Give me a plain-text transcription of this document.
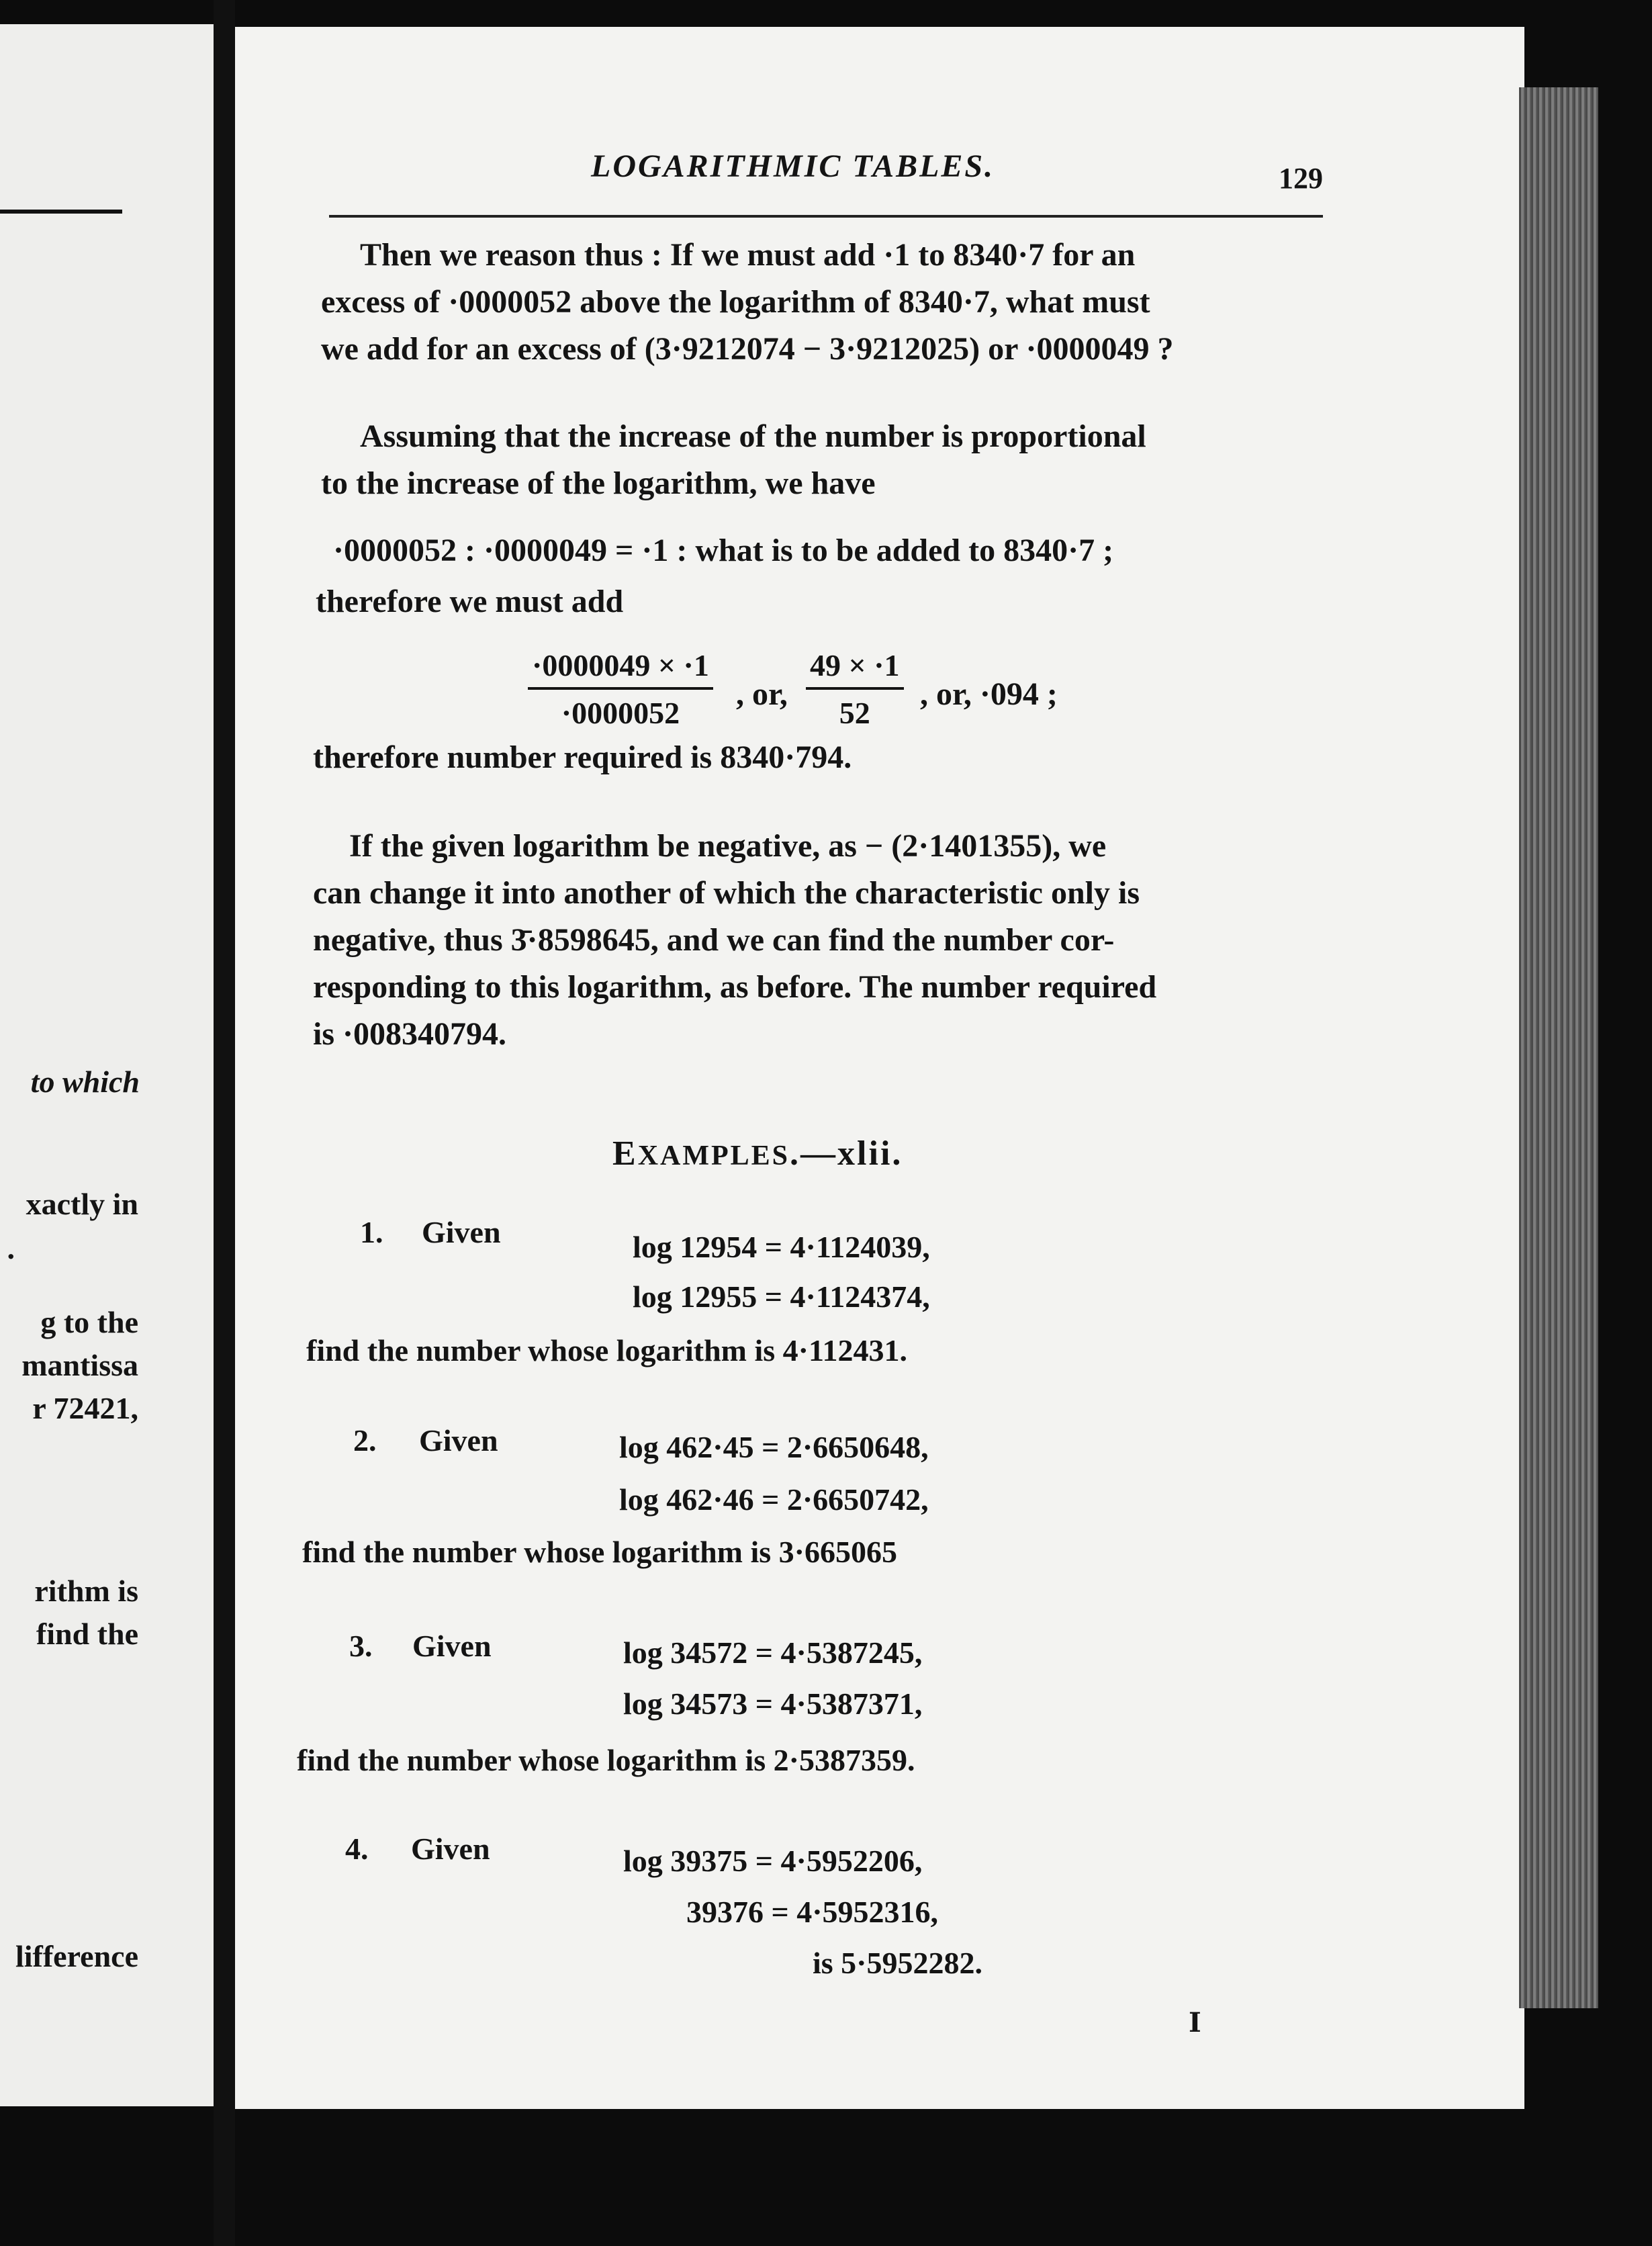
to which
xactly in
.
g to the
mantissa
r 72421,
rithm is
find the
lifference
LOGARITHMIC TABLES.	129
Then we reason thus : If we must add ·1 to 8340·7 for an
excess of ·0000052 above the logarithm of 8340·7, what must
we add for an excess of (3·9212074 − 3·9212025) or ·0000049 ?
Assuming that the increase of the number is proportional
to the increase of the logarithm, we have
·0000052 : ·0000049 = ·1 : what is to be added to 8340·7 ;
therefore we must add
$\frac{\cdot 0000049 \times \cdot 1}{\cdot 0000052}$ , or, $\frac{49 \times \cdot 1}{52}$ , or, ·094 ;
therefore number required is 8340·794.
If the given logarithm be negative, as − (2·1401355), we
can change it into another of which the characteristic only is
negative, thus 3̄·8598645, and we can find the number cor-
responding to this logarithm, as before. The number required
is ·008340794.
EXAMPLES.—xlii.
1. Given	log 12954 = 4·1124039,
log 12955 = 4·1124374,
find the number whose logarithm is 4·112431.
2. Given	log 462·45 = 2·6650648,
log 462·46 = 2·6650742,
find the number whose logarithm is 3·665065
3. Given	log 34572 = 4·5387245,
log 34573 = 4·5387371,
find the number whose logarithm is 2·5387359.
4. Given	log 39375 = 4·5952206,
39376 = 4·5952316,
is 5·5952282.
I
